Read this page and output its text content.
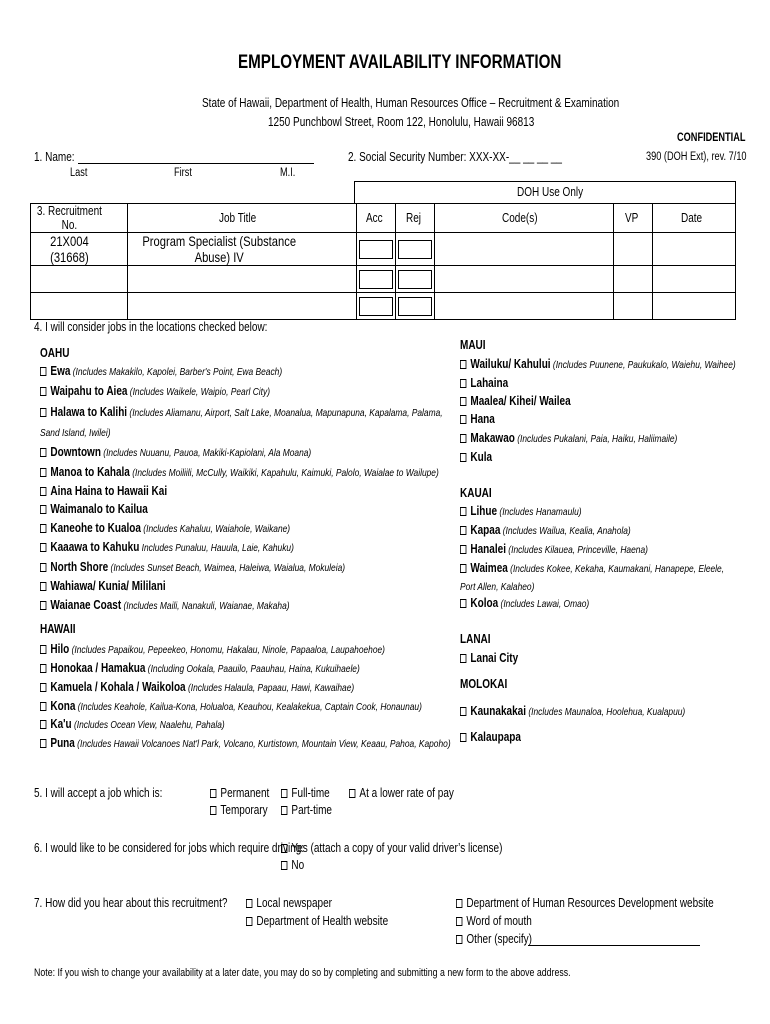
EMPLOYMENT AVAILABILITY INFORMATION
State of Hawaii, Department of Health, Human Resources Office – Recruitment & Examination
1250 Punchbowl Street, Room 122, Honolulu, Hawaii 96813
CONFIDENTIAL
390 (DOH Ext), rev. 7/10
1. Name:
Last	First	M.I.
2. Social Security Number: XXX-XX-__ __ __ __
DOH Use Only
3. Recruitment No.	Job Title	Acc	Rej	Code(s)	VP	Date
21X004 (31668)	Program Specialist (Substance Abuse) IV	

4. I will consider jobs in the locations checked below:
OAHU
Ewa (Includes Makakilo, Kapolei, Barber's Point, Ewa Beach)
Waipahu to Aiea (Includes Waikele, Waipio, Pearl City)
Halawa to Kalihi (Includes Aliamanu, Airport, Salt Lake, Moanalua, Mapunapuna, Kapalama, Palama,
Sand Island, Iwilei)
Downtown (Includes Nuuanu, Pauoa, Makiki-Kapiolani, Ala Moana)
Manoa to Kahala (Includes Moiliili, McCully, Waikiki, Kapahulu, Kaimuki, Palolo, Waialae to Wailupe)
Aina Haina to Hawaii Kai
Waimanalo to Kailua
Kaneohe to Kualoa (Includes Kahaluu, Waiahole, Waikane)
Kaaawa to Kahuku Includes Punaluu, Hauula, Laie, Kahuku)
North Shore (Includes Sunset Beach, Waimea, Haleiwa, Waialua, Mokuleia)
Wahiawa/ Kunia/ Mililani
Waianae Coast (Includes Maili, Nanakuli, Waianae, Makaha)
HAWAII
Hilo (Includes Papaikou, Pepeekeo, Honomu, Hakalau, Ninole, Papaaloa, Laupahoehoe)
Honokaa / Hamakua (Including Ookala, Paauilo, Paauhau, Haina, Kukuihaele)
Kamuela / Kohala / Waikoloa (Includes Halaula, Papaau, Hawi, Kawaihae)
Kona (Includes Keahole, Kailua-Kona, Holualoa, Keauhou, Kealakekua, Captain Cook, Honaunau)
Ka'u (Includes Ocean View, Naalehu, Pahala)
Puna (Includes Hawaii Volcanoes Nat'l Park, Volcano, Kurtistown, Mountain View, Keaau, Pahoa, Kapoho)
MAUI
Wailuku/ Kahului (Includes Puunene, Paukukalo, Waiehu, Waihee)
Lahaina
Maalea/ Kihei/ Wailea
Hana
Makawao (Includes Pukalani, Paia, Haiku, Haliimaile)
Kula
KAUAI
Lihue (Includes Hanamaulu)
Kapaa (Includes Wailua, Kealia, Anahola)
Hanalei (Includes Kilauea, Princeville, Haena)
Waimea (Includes Kokee, Kekaha, Kaumakani, Hanapepe, Eleele,
Port Allen, Kalaheo)
Koloa (Includes Lawai, Omao)
LANAI
Lanai City
MOLOKAI
Kaunakakai (Includes Maunaloa, Hoolehua, Kualapuu)
Kalaupapa
5. I will accept a job which is:	Permanent
Temporary
Full-time
Part-time
At a lower rate of pay
6. I would like to be considered for jobs which require driving:
Yes (attach a copy of your valid driver’s license)
No
7. How did you hear about this recruitment?	Local newspaper
Department of Health website
Department of Human Resources Development website
Word of mouth
Other (specify)
Note: If you wish to change your availability at a later date, you may do so by completing and submitting a new form to the above address.
